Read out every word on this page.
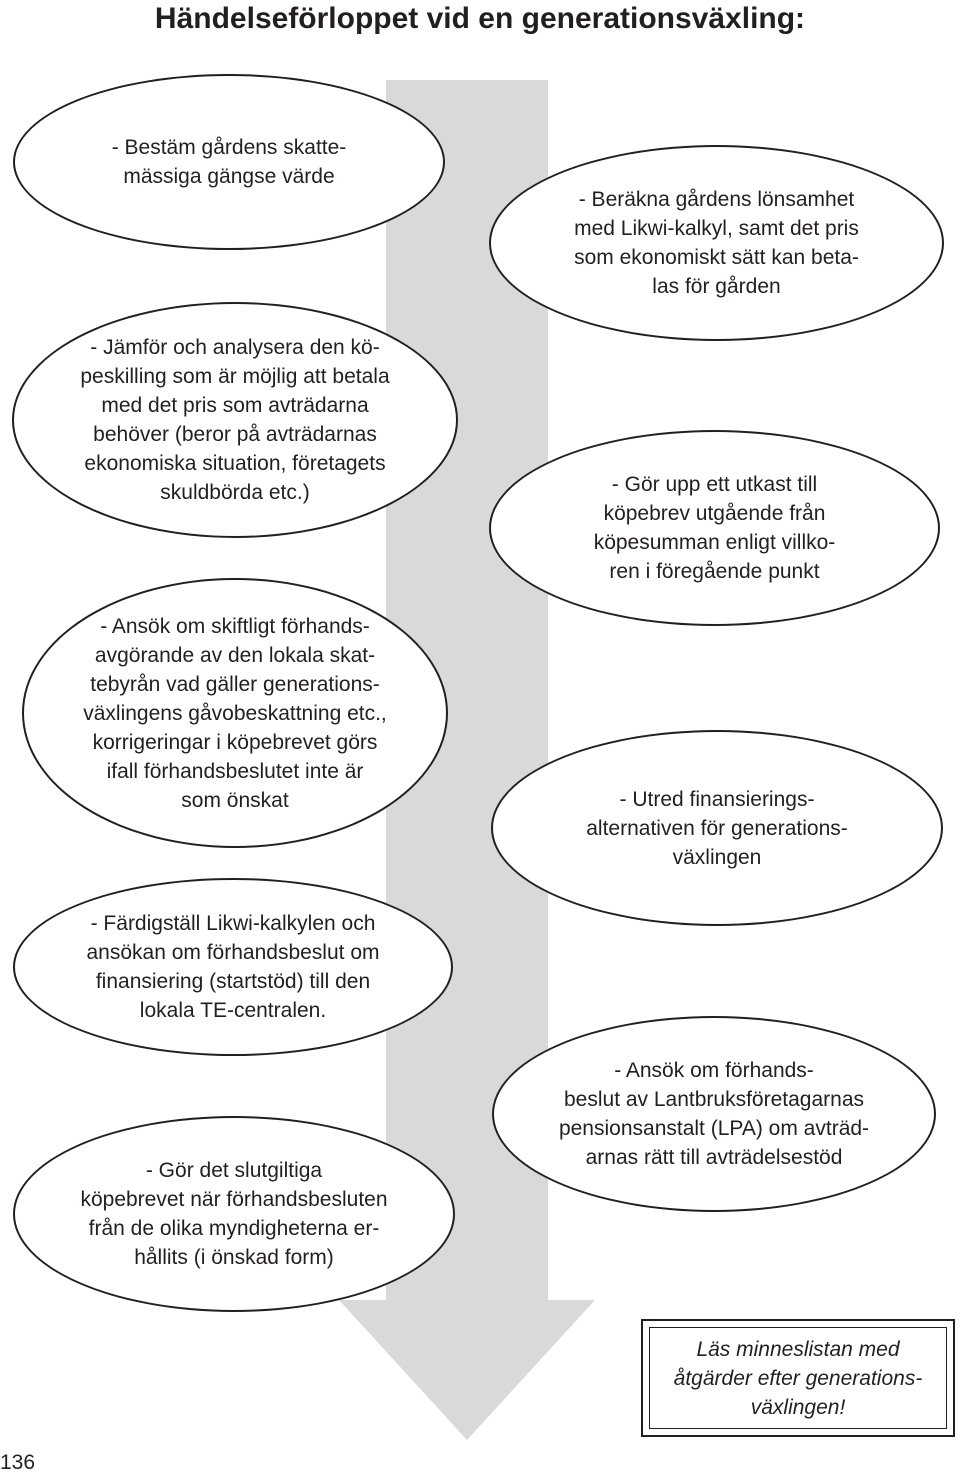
Händelseförloppet vid en generationsväxling:
- Bestäm gårdens skatte-
mässiga gängse värde
- Beräkna gårdens lönsamhet
med Likwi-kalkyl, samt det pris
som ekonomiskt sätt kan beta-
las för gården
- Jämför och analysera den kö-
peskilling som är möjlig att betala
med det pris som avträdarna
behöver (beror på avträdarnas
ekonomiska situation, företagets
skuldbörda etc.)	- Gör upp ett utkast till
köpebrev utgående från
köpesumman enligt villko-
ren i föregående punkt
- Ansök om skiftligt förhands-
avgörande av den lokala skat-
tebyrån vad gäller generations-
växlingens gåvobeskattning etc.,
korrigeringar i köpebrevet görs
ifall förhandsbeslutet inte är
som önskat	- Utred finansierings-
alternativen för generations-
växlingen
- Färdigställ Likwi-kalkylen och
ansökan om förhandsbeslut om
finansiering (startstöd) till den
lokala TE-centralen.
- Ansök om förhands-
beslut av Lantbruksföretagarnas
pensionsanstalt (LPA) om avträd-
arnas rätt till avträdelsestöd
- Gör det slutgiltiga
köpebrevet när förhandsbesluten
från de olika myndigheterna er-
hållits (i önskad form)
Läs minneslistan med
åtgärder efter generations-
växlingen!
136
